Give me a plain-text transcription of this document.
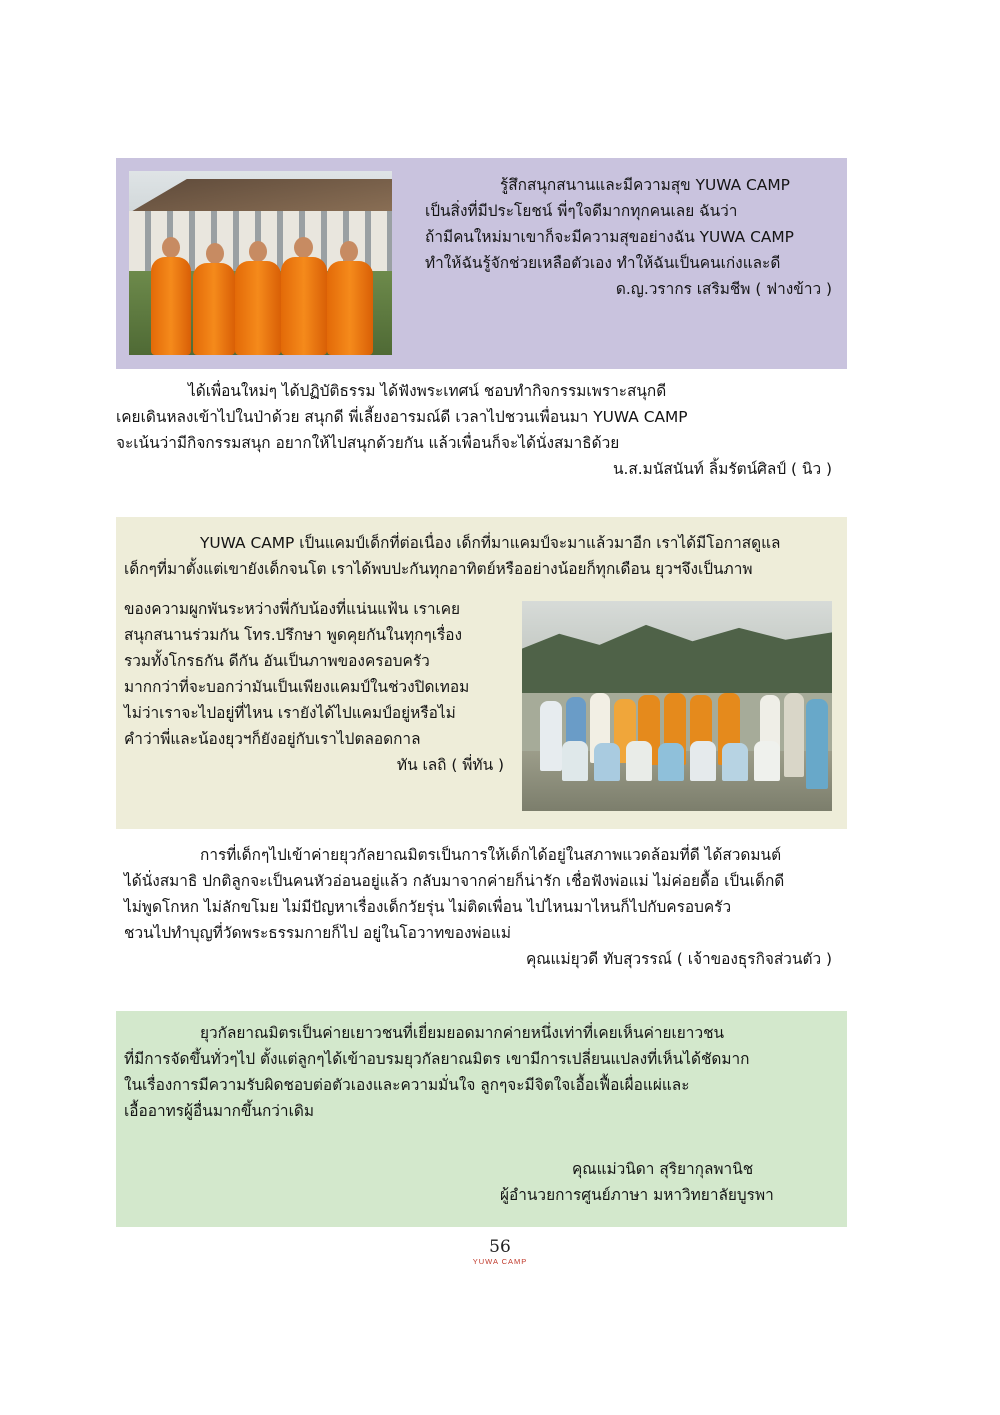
รู้สึกสนุกสนานและมีความสุข YUWA CAMP
เป็นสิ่งที่มีประโยชน์ พี่ๆใจดีมากทุกคนเลย ฉันว่า
ถ้ามีคนใหม่มาเขาก็จะมีความสุขอย่างฉัน YUWA CAMP
ทำให้ฉันรู้จักช่วยเหลือตัวเอง ทำให้ฉันเป็นคนเก่งและดี
ด.ญ.วรากร เสริมชีพ ( ฟางข้าว )
ได้เพื่อนใหม่ๆ ได้ปฏิบัติธรรม ได้ฟังพระเทศน์ ชอบทำกิจกรรมเพราะสนุกดี
เคยเดินหลงเข้าไปในป่าด้วย สนุกดี พี่เลี้ยงอารมณ์ดี เวลาไปชวนเพื่อนมา YUWA CAMP
จะเน้นว่ามีกิจกรรมสนุก อยากให้ไปสนุกด้วยกัน แล้วเพื่อนก็จะได้นั่งสมาธิด้วย
น.ส.มนัสนันท์ ลิ้มรัตน์ศิลป์ ( นิว )
YUWA CAMP เป็นแคมป์เด็กที่ต่อเนื่อง เด็กที่มาแคมป์จะมาแล้วมาอีก เราได้มีโอกาสดูแล
เด็กๆที่มาตั้งแต่เขายังเด็กจนโต เราได้พบปะกันทุกอาทิตย์หรืออย่างน้อยก็ทุกเดือน ยุวฯจึงเป็นภาพ
ของความผูกพันระหว่างพี่กับน้องที่แน่นแฟ้น เราเคย
สนุกสนานร่วมกัน โทร.ปรึกษา พูดคุยกันในทุกๆเรื่อง
รวมทั้งโกรธกัน ดีกัน อันเป็นภาพของครอบครัว
มากกว่าที่จะบอกว่ามันเป็นเพียงแคมป์ในช่วงปิดเทอม
ไม่ว่าเราจะไปอยู่ที่ไหน เรายังได้ไปแคมป์อยู่หรือไม่
คำว่าพี่และน้องยุวฯก็ยังอยู่กับเราไปตลอดกาล
ทัน เลถิ ( พี่ทัน )
การที่เด็กๆไปเข้าค่ายยุวกัลยาณมิตรเป็นการให้เด็กได้อยู่ในสภาพแวดล้อมที่ดี ได้สวดมนต์
ได้นั่งสมาธิ ปกติลูกจะเป็นคนหัวอ่อนอยู่แล้ว กลับมาจากค่ายก็น่ารัก เชื่อฟังพ่อแม่ ไม่ค่อยดื้อ เป็นเด็กดี
ไม่พูดโกหก ไม่ลักขโมย ไม่มีปัญหาเรื่องเด็กวัยรุ่น ไม่ติดเพื่อน ไปไหนมาไหนก็ไปกับครอบครัว
ชวนไปทำบุญที่วัดพระธรรมกายก็ไป อยู่ในโอวาทของพ่อแม่
คุณแม่ยุวดี ทับสุวรรณ์ ( เจ้าของธุรกิจส่วนตัว )
ยุวกัลยาณมิตรเป็นค่ายเยาวชนที่เยี่ยมยอดมากค่ายหนึ่งเท่าที่เคยเห็นค่ายเยาวชน
ที่มีการจัดขึ้นทั่วๆไป ตั้งแต่ลูกๆได้เข้าอบรมยุวกัลยาณมิตร เขามีการเปลี่ยนแปลงที่เห็นได้ชัดมาก
ในเรื่องการมีความรับผิดชอบต่อตัวเองและความมั่นใจ ลูกๆจะมีจิตใจเอื้อเฟื้อเผื่อแผ่และ
เอื้ออาทรผู้อื่นมากขึ้นกว่าเดิม
คุณแม่วนิดา สุริยากุลพานิช
ผู้อำนวยการศูนย์ภาษา มหาวิทยาลัยบูรพา
56
YUWA CAMP
